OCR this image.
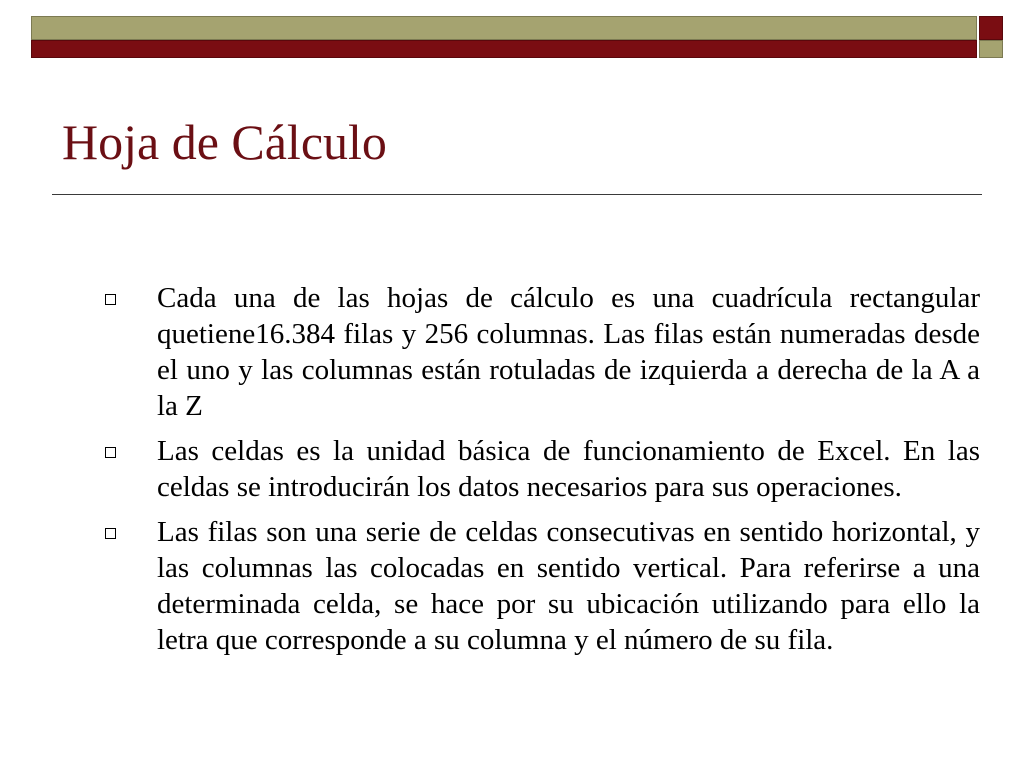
Hoja de Cálculo
Cada una de las hojas de cálculo es una cuadrícula rectangular quetiene16.384 filas y 256 columnas. Las filas están numeradas desde el uno y las columnas están rotuladas de izquierda a derecha de la A a la Z
Las celdas es la unidad básica de funcionamiento de Excel. En las celdas se introducirán los datos necesarios para sus operaciones.
Las filas son una serie de celdas consecutivas en sentido horizontal, y las columnas las colocadas en sentido vertical. Para referirse a una determinada celda, se hace por su ubicación utilizando para ello la letra que corresponde a su columna y el número de su fila.
